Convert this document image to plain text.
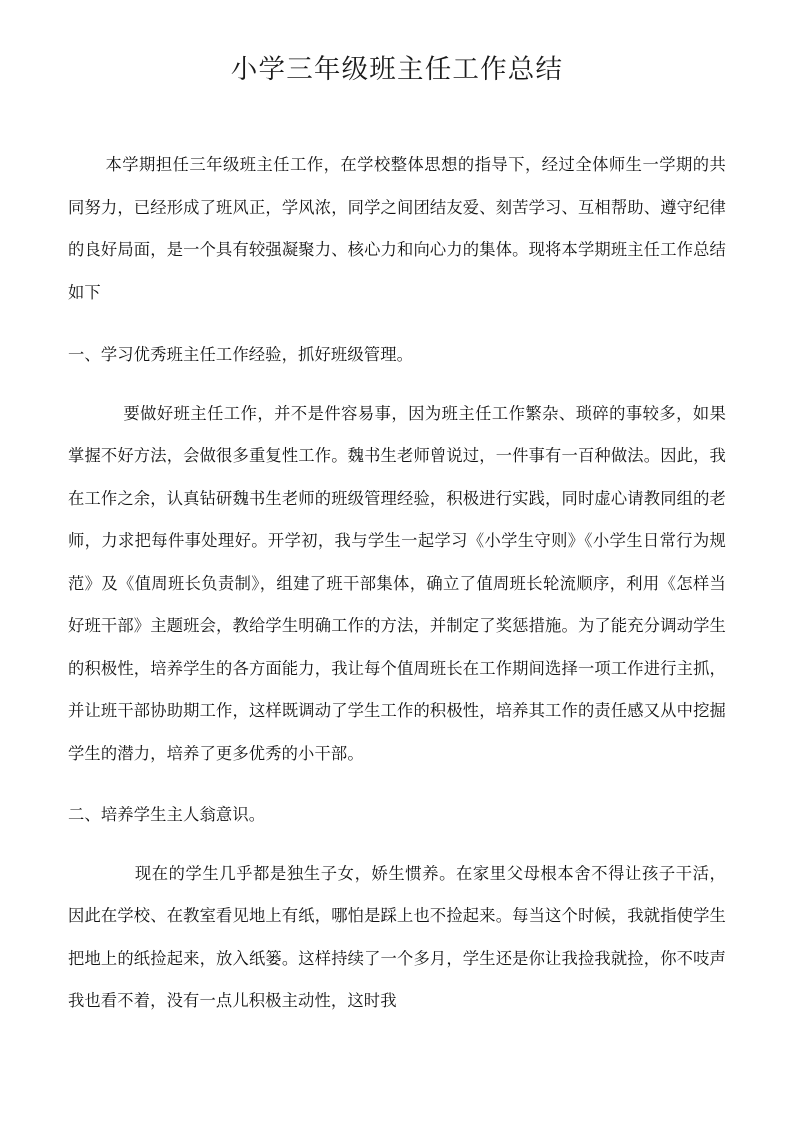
小学三年级班主任工作总结

本学期担任三年级班主任工作，在学校整体思想的指导下，经过全体师生一学期的共同努力，已经形成了班风正，学风浓，同学之间团结友爱、刻苦学习、互相帮助、遵守纪律的良好局面，是一个具有较强凝聚力、核心力和向心力的集体。现将本学期班主任工作总结如下

一、学习优秀班主任工作经验，抓好班级管理。

要做好班主任工作，并不是件容易事，因为班主任工作繁杂、琐碎的事较多，如果掌握不好方法，会做很多重复性工作。魏书生老师曾说过，一件事有一百种做法。因此，我在工作之余，认真钻研魏书生老师的班级管理经验，积极进行实践，同时虚心请教同组的老师，力求把每件事处理好。开学初，我与学生一起学习《小学生守则》《小学生日常行为规范》及《值周班长负责制》，组建了班干部集体，确立了值周班长轮流顺序，利用《怎样当好班干部》主题班会，教给学生明确工作的方法，并制定了奖惩措施。为了能充分调动学生的积极性，培养学生的各方面能力，我让每个值周班长在工作期间选择一项工作进行主抓，并让班干部协助期工作，这样既调动了学生工作的积极性，培养其工作的责任感又从中挖掘学生的潜力，培养了更多优秀的小干部。

二、培养学生主人翁意识。

现在的学生几乎都是独生子女，娇生惯养。在家里父母根本舍不得让孩子干活，因此在学校、在教室看见地上有纸，哪怕是踩上也不捡起来。每当这个时候，我就指使学生把地上的纸捡起来，放入纸篓。这样持续了一个多月，学生还是你让我捡我就捡，你不吱声我也看不着，没有一点儿积极主动性，这时我
